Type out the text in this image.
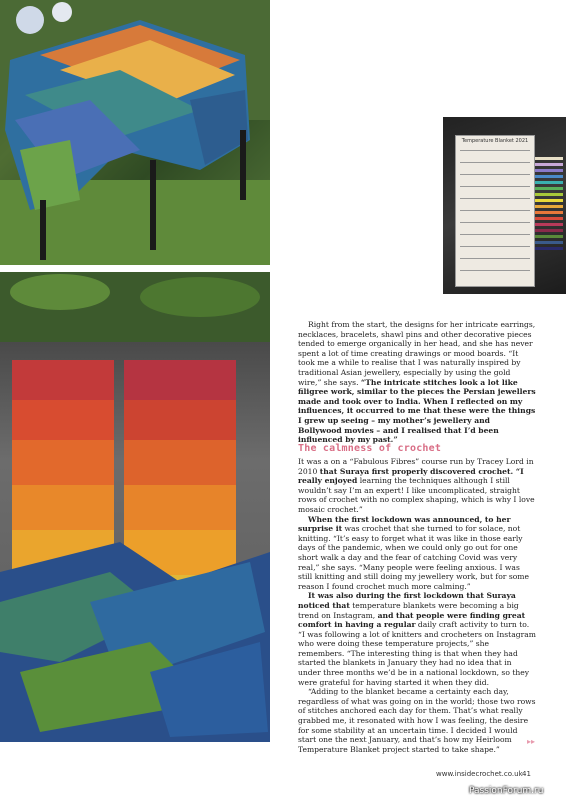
Temperature Blanket 2021

Right from the start, the designs for her intricate earrings, necklaces, bracelets, shawl pins and other decorative pieces tended to emerge organically in her head, and she has never spent a lot of time creating drawings or mood boards. “It took me a while to realise that I was naturally inspired by traditional Asian jewellery, especially by using the gold wire,” she says. “The intricate stitches look a lot like filigree work, similar to the pieces the Persian jewellers made and took over to India. When I reflected on my influences, it occurred to me that these were the things I grew up seeing – my mother’s jewellery and Bollywood movies – and I realised that I’d been influenced by my past.”

The calmness of crochet

It was a on a “Fabulous Fibres” course run by Tracey Lord in 2010 that Suraya first properly discovered crochet. “I really enjoyed learning the techniques although I still wouldn’t say I’m an expert! I like uncomplicated, straight rows of crochet with no complex shaping, which is why I love mosaic crochet.”

When the first lockdown was announced, to her surprise it was crochet that she turned to for solace, not knitting. “It’s easy to forget what it was like in those early days of the pandemic, when we could only go out for one short walk a day and the fear of catching Covid was very real,” she says. “Many people were feeling anxious. I was still knitting and still doing my jewellery work, but for some reason I found crochet much more calming.”

It was also during the first lockdown that Suraya noticed that temperature blankets were becoming a big trend on Instagram, and that people were finding great comfort in having a regular daily craft activity to turn to. “I was following a lot of knitters and crocheters on Instagram who were doing these temperature projects,” she remembers. “The interesting thing is that when they had started the blankets in January they had no idea that in under three months we’d be in a national lockdown, so they were grateful for having started it when they did.

“Adding to the blanket became a certainty each day, regardless of what was going on in the world; those two rows of stitches anchored each day for them. That’s what really grabbed me, it resonated with how I was feeling, the desire for some stability at an uncertain time. I decided I would start one the next January, and that’s how my Heirloom Temperature Blanket project started to take shape.”

▸▸
www.insidecrochet.co.uk 41
PassionForum.ru
